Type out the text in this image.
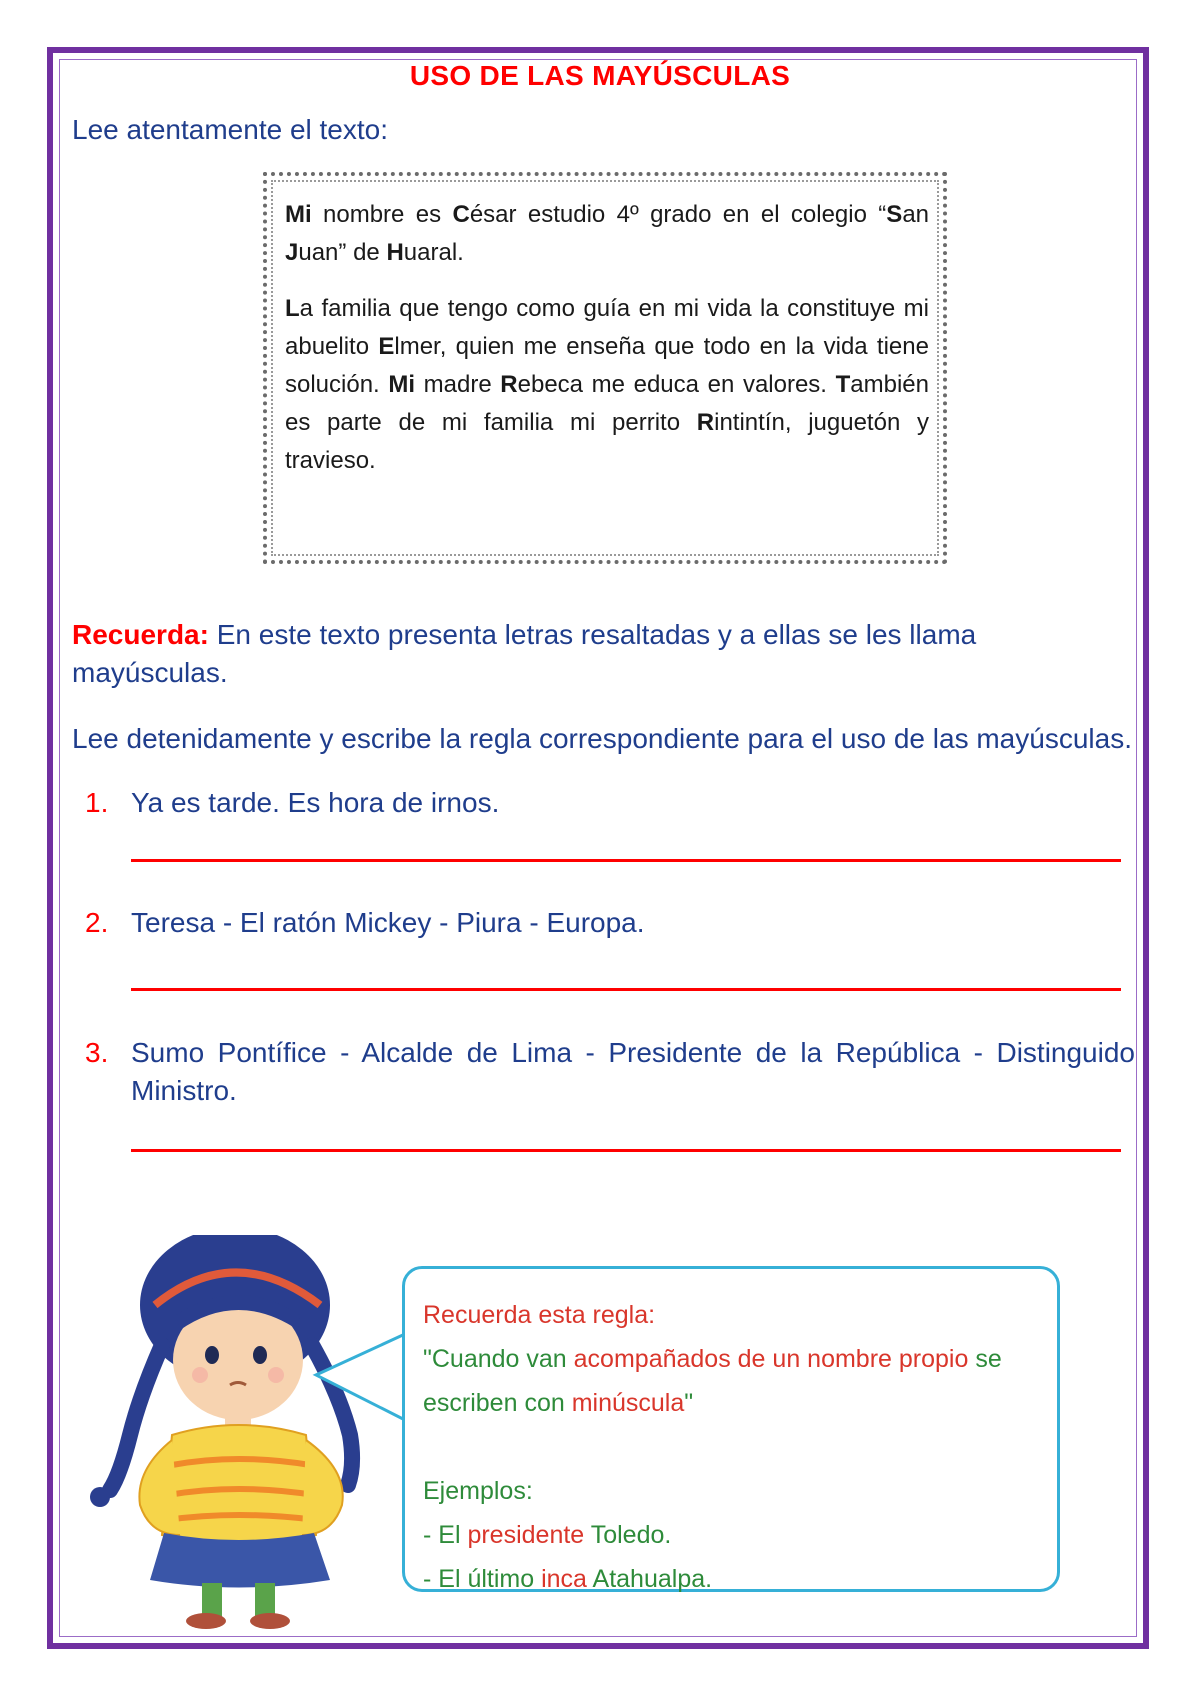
USO DE LAS MAYÚSCULAS
Lee atentamente el texto:

Mi nombre es César estudio 4º grado en el colegio “San Juan” de Huaral.

La familia que tengo como guía en mi vida la constituye mi abuelito Elmer, quien me enseña que todo en la vida tiene solución. Mi madre Rebeca me educa en valores. También es parte de mi familia mi perrito Rintintín, juguetón y travieso.

Recuerda: En este texto presenta letras resaltadas y a ellas se les llama mayúsculas.
Lee detenidamente y escribe la regla correspondiente para el uso de las mayúsculas.
1. Ya es tarde. Es hora de irnos.
2. Teresa - El ratón Mickey - Piura - Europa.
3. Sumo Pontífice - Alcalde de Lima - Presidente de la República - Distinguido Ministro.
Recuerda esta regla:
"Cuando van acompañados de un nombre propio se escriben con minúscula"
Ejemplos:
- El presidente Toledo.
- El último inca Atahualpa.
